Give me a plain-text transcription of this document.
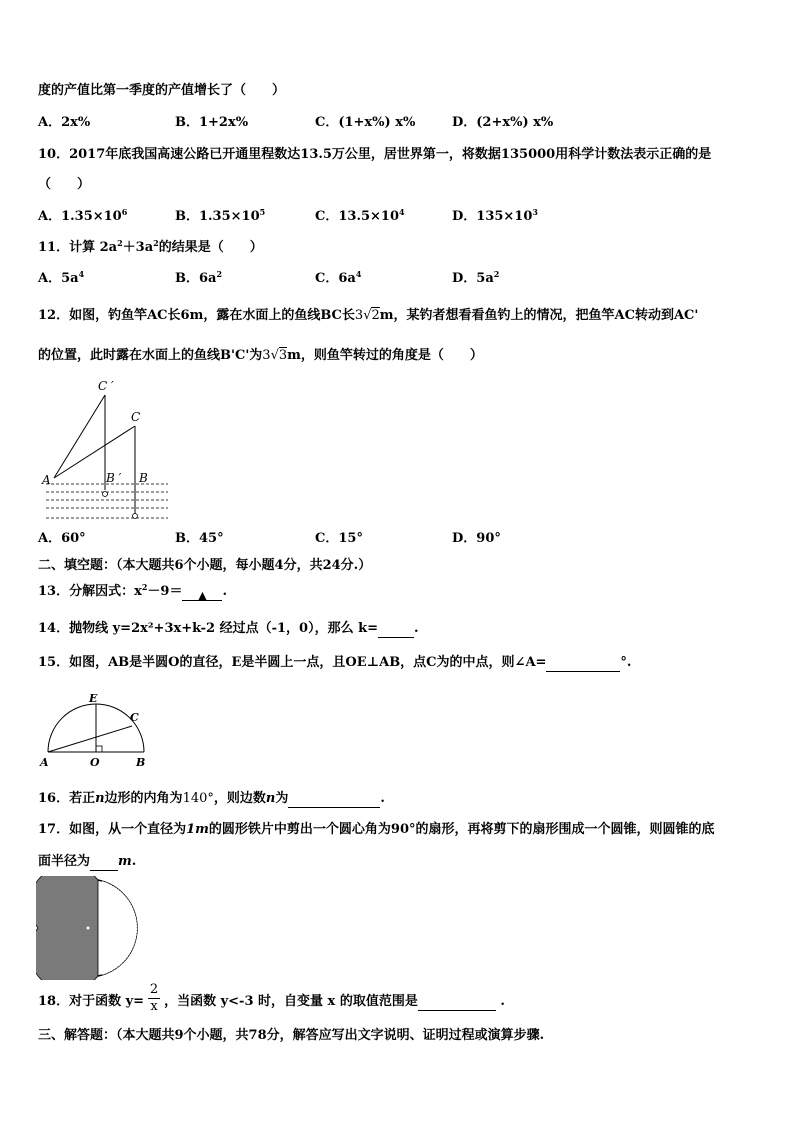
度的产值比第一季度的产值增长了（　　）
A．2x%	B．1+2x%	C．(1+x%) x%	D．(2+x%) x%
10．2017年底我国高速公路已开通里程数达13.5万公里，居世界第一，将数据135000用科学计数法表示正确的是
（　　）
A．$1.35\times 10^6$	B．$1.35\times 10^5$	C．$13.5\times 10^4$	D．$135\times 10^3$
11．计算 $2a^2+3a^2$的结果是（　　）
A．$5a^4$	B．$6a^2$	C．$6a^4$	D．$5a^2$
12．如图，钓鱼竿AC长6m，露在水面上的鱼线BC长3√2m，某钓者想看看鱼钓上的情况，把鱼竿AC转动到AC'
的位置，此时露在水面上的鱼线B'C'为3√3m，则鱼竿转过的角度是（　　）
C ′
C
A	B ′ B
A．60°	B．45°	C．15°	D．90°
二、填空题：（本大题共6个小题，每小题4分，共24分.）
13．分解因式：$x^2-9=$ ▲ .
14．抛物线 y=2x²+3x+k-2 经过点（-1，0），那么 k=	.
15．如图，AB是半圆O的直径，E是半圆上一点，且OE⊥AB，点C为的中点，则∠A=	°.
E
C
A	O	B
16．若正n边形的内角为140°，则边数n为	.
17．如图，从一个直径为1m的圆形铁片中剪出一个圆心角为90°的扇形，再将剪下的扇形围成一个圆锥，则圆锥的底
面半径为 m.
18．对于函数 y= ，当函数 y<-3 时，自变量 x 的取值范围是	.
2
x
三、解答题：（本大题共9个小题，共78分，解答应写出文字说明、证明过程或演算步骤.
